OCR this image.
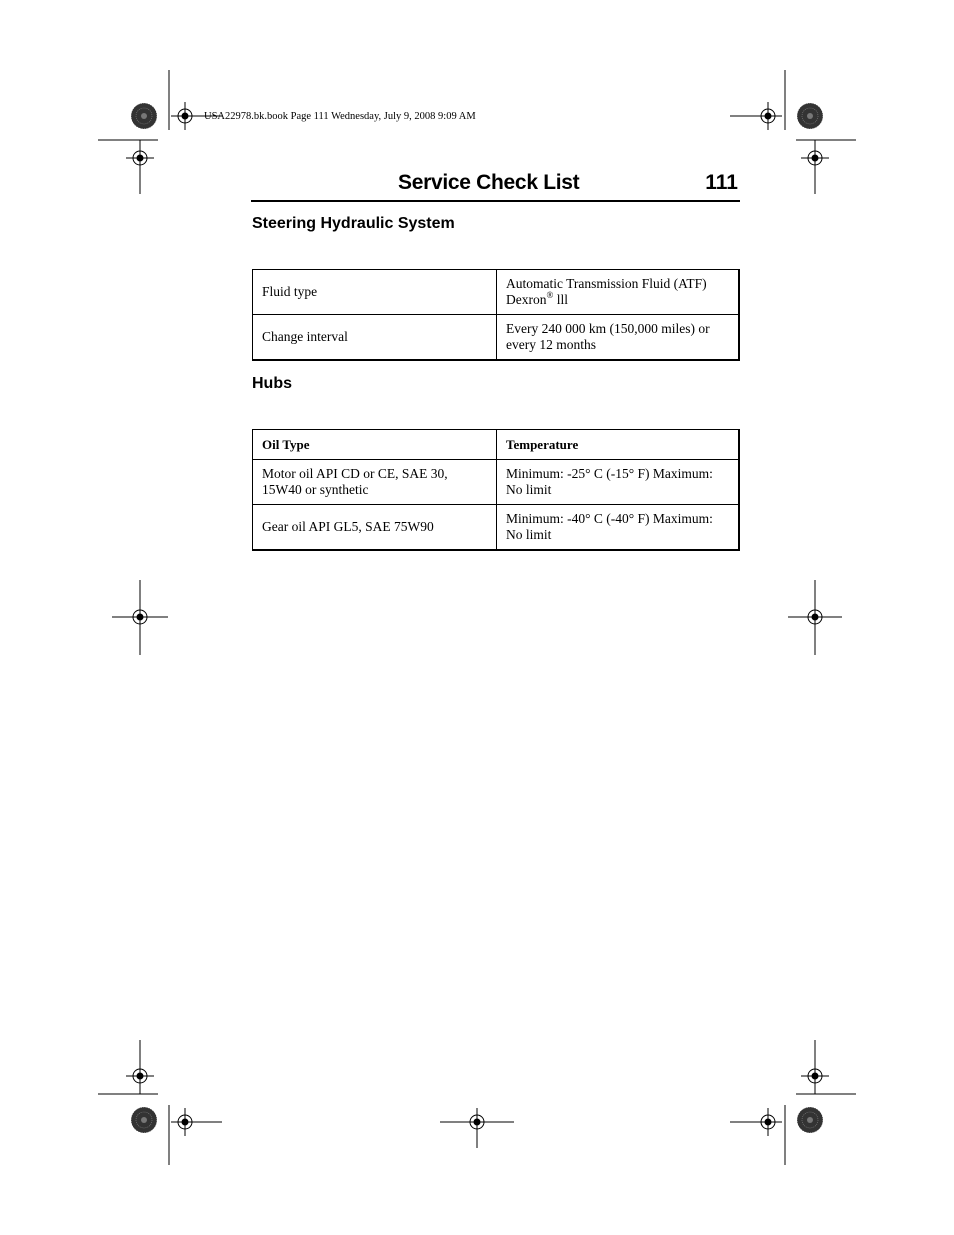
USA22978.bk.book Page 111 Wednesday, July 9, 2008 9:09 AM
Service Check List	111
Steering Hydraulic System
Fluid type	Automatic Transmission Fluid (ATF) Dexron® lll
Change interval	Every 240 000 km (150,000 miles) or every 12 months
Hubs
Oil Type	Temperature
Motor oil API CD or CE, SAE 30, 15W40 or synthetic	Minimum: -25° C (-15° F) Maximum: No limit
Gear oil API GL5, SAE 75W90	Minimum: -40° C (-40° F) Maximum: No limit
